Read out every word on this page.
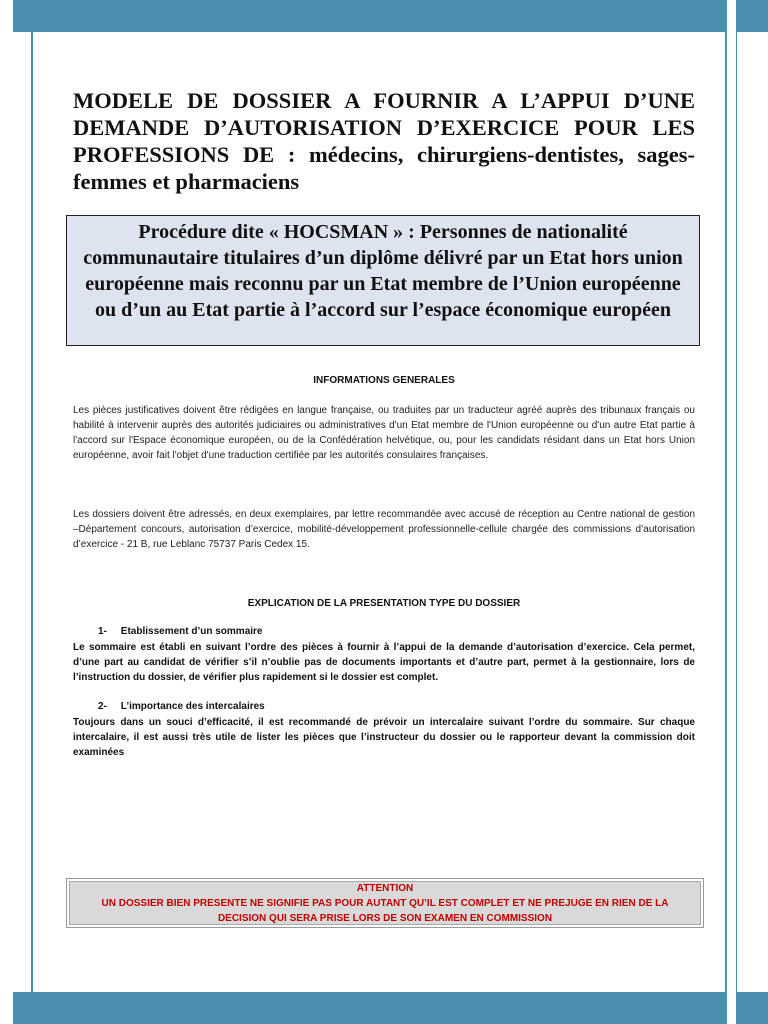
MODELE DE DOSSIER A FOURNIR A L’APPUI D’UNE DEMANDE D’AUTORISATION D’EXERCICE POUR LES PROFESSIONS DE : médecins, chirurgiens-dentistes, sages-femmes et pharmaciens
Procédure dite « HOCSMAN » : Personnes de nationalité communautaire titulaires d’un diplôme délivré par un Etat hors union européenne mais reconnu par un Etat membre de l’Union européenne ou d’un au Etat partie à l’accord sur l’espace économique européen
INFORMATIONS GENERALES
Les pièces justificatives doivent être rédigées en langue française, ou traduites par un traducteur agréé auprès des tribunaux français ou habilité à intervenir auprès des autorités judiciaires ou administratives d'un Etat membre de l'Union européenne ou d'un autre Etat partie à l'accord sur l'Espace économique européen, ou de la Confédération helvétique, ou, pour les candidats résidant dans un Etat hors Union européenne, avoir fait l'objet d'une traduction certifiée par les autorités consulaires françaises.
Les dossiers doivent être adressés, en deux exemplaires, par lettre recommandée avec accusé de réception au Centre national de gestion –Département concours, autorisation d’exercice, mobilité-développement professionnelle-cellule chargée des commissions d’autorisation d’exercice - 21 B, rue Leblanc 75737 Paris Cedex 15.
EXPLICATION DE LA PRESENTATION TYPE DU DOSSIER
1- Etablissement d’un sommaire
Le sommaire est établi en suivant l’ordre des pièces à fournir à l’appui de la demande d’autorisation d’exercice. Cela permet, d’une part au candidat de vérifier s’il n’oublie pas de documents importants et d’autre part, permet à la gestionnaire, lors de l’instruction du dossier, de vérifier plus rapidement si le dossier est complet.
2- L’importance des intercalaires
Toujours dans un souci d’efficacité, il est recommandé de prévoir un intercalaire suivant l’ordre du sommaire. Sur chaque intercalaire, il est aussi très utile de lister les pièces que l’instructeur du dossier ou le rapporteur devant la commission doit examinées
ATTENTION
UN DOSSIER BIEN PRESENTE NE SIGNIFIE PAS POUR AUTANT QU’IL EST COMPLET ET NE PREJUGE EN RIEN DE LA DECISION QUI SERA PRISE LORS DE SON EXAMEN EN COMMISSION
